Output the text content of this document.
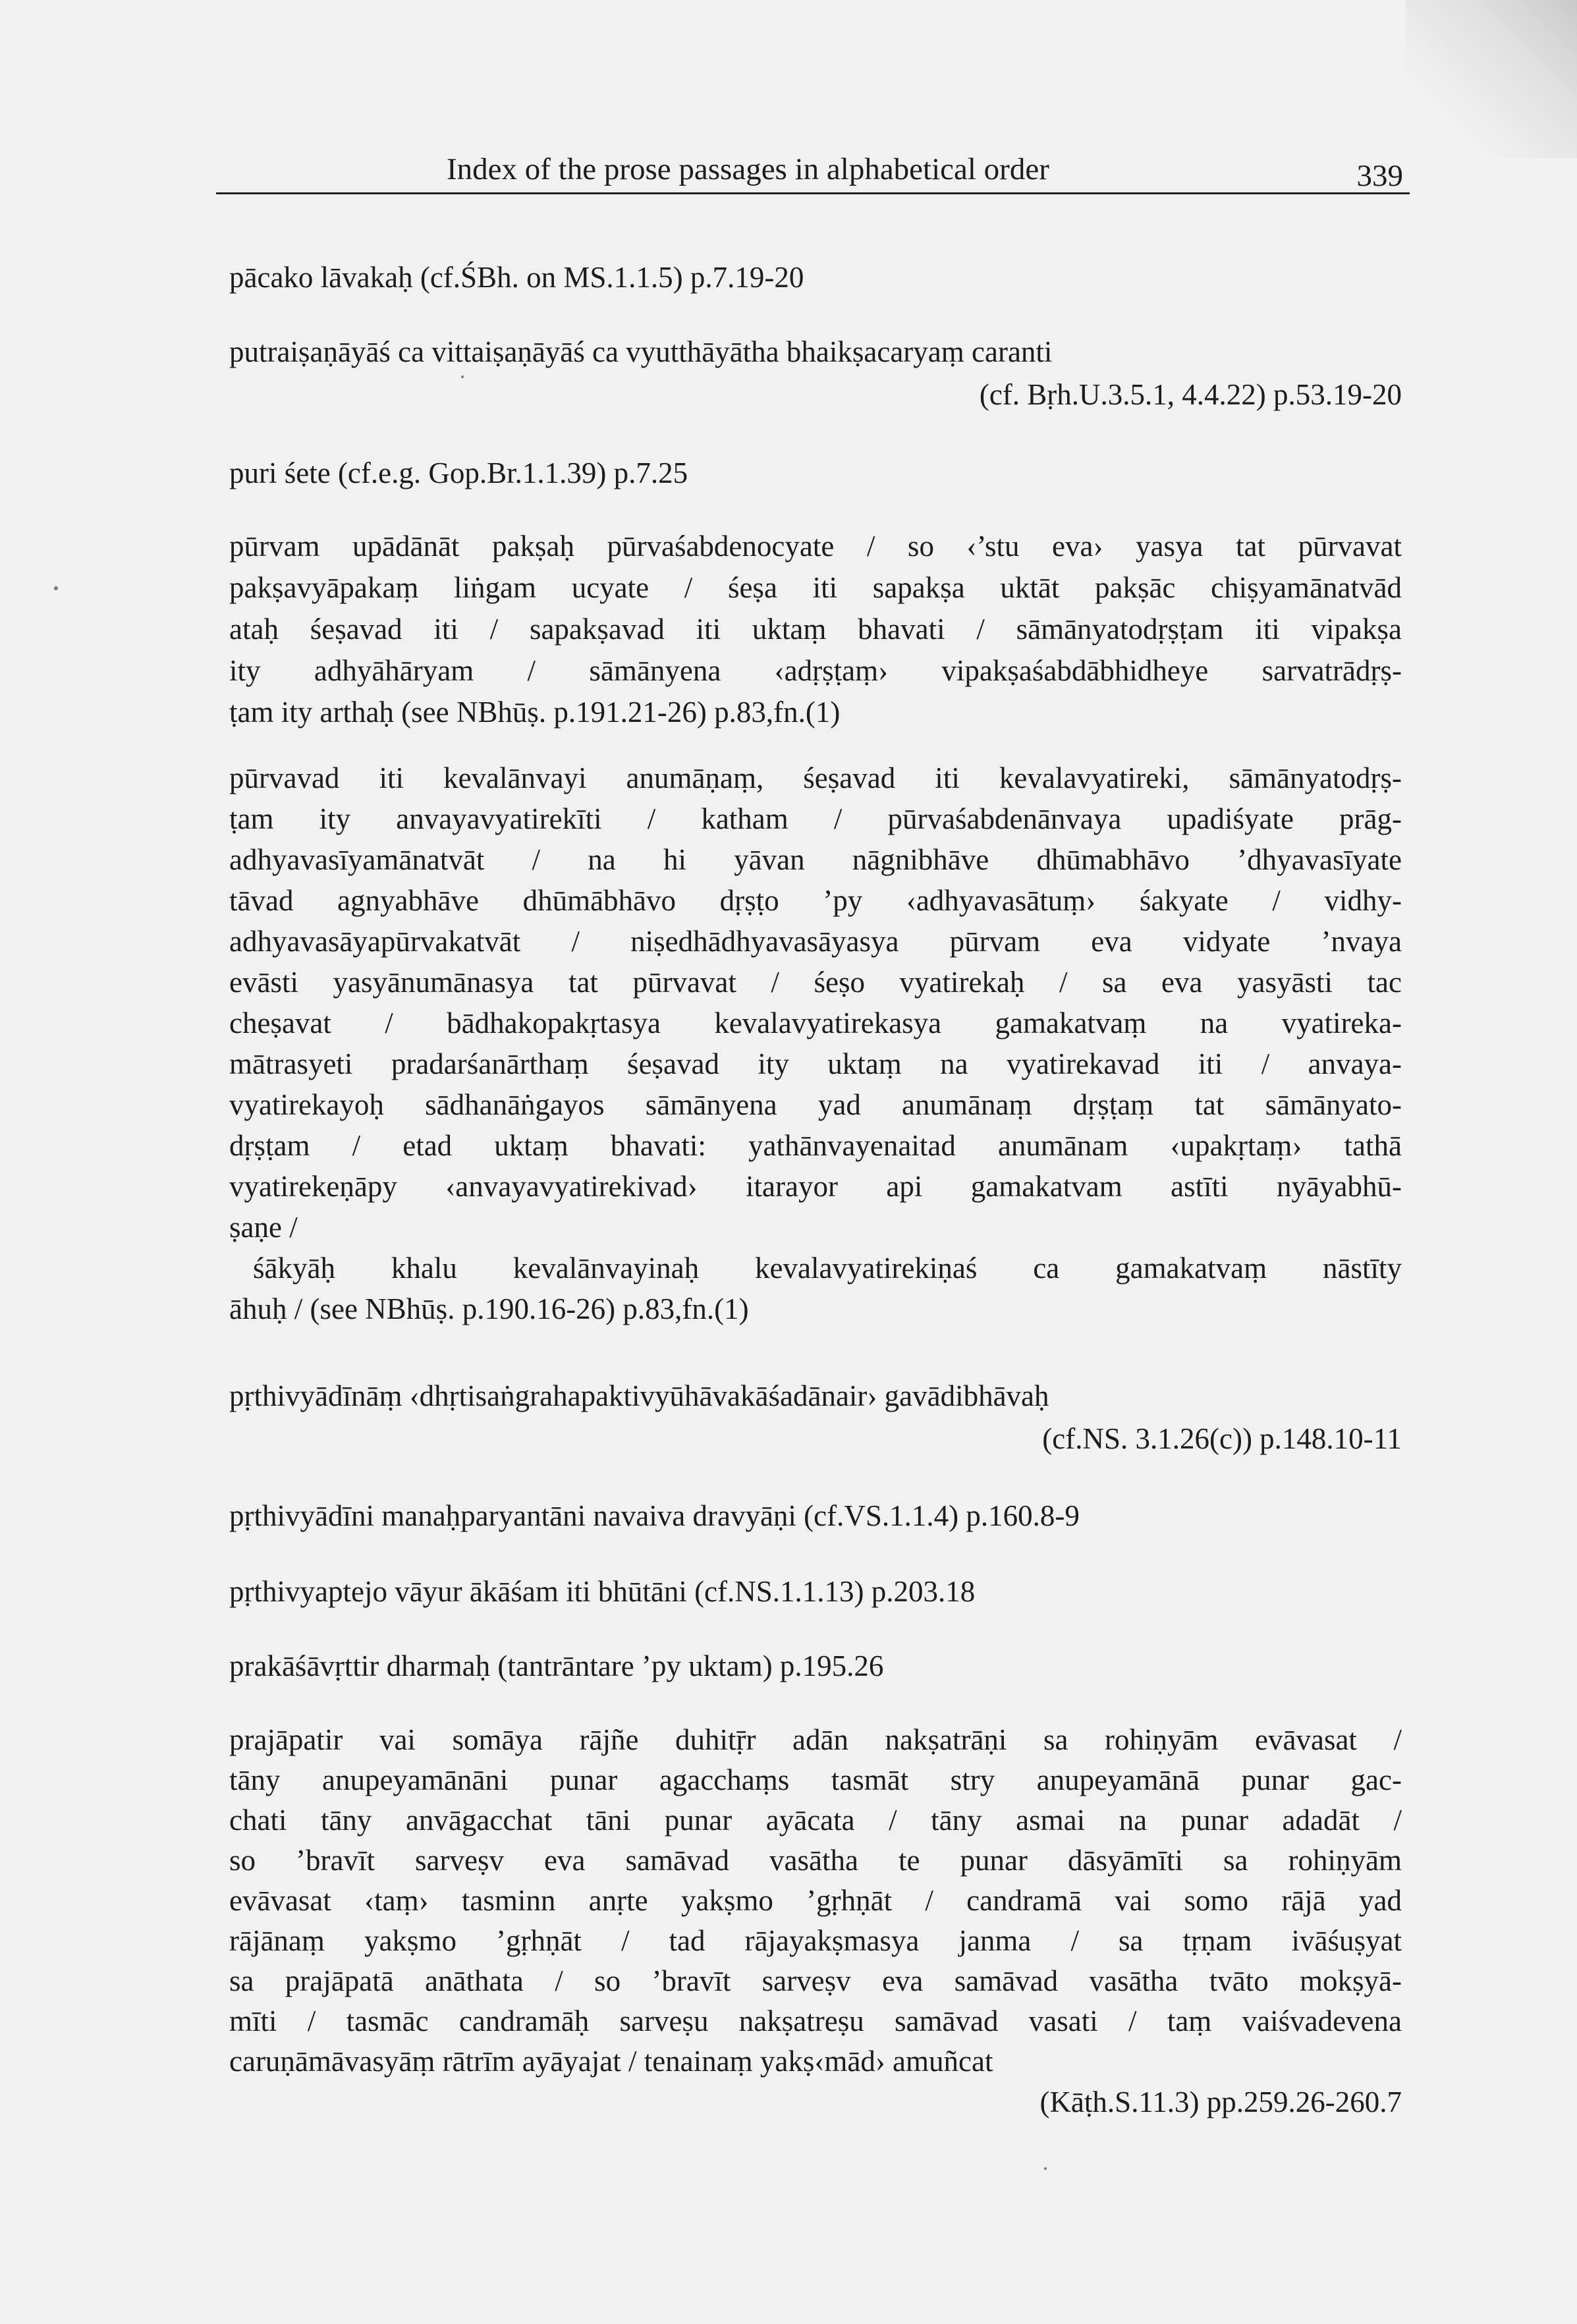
Index of the prose passages in alphabetical order	339
pācako lāvakaḥ (cf.ŚBh. on MS.1.1.5) p.7.19-20
putraiṣaṇāyāś ca vittaiṣaṇāyāś ca vyutthāyātha bhaikṣacaryaṃ caranti
(cf. Bṛh.U.3.5.1, 4.4.22) p.53.19-20
puri śete (cf.e.g. Gop.Br.1.1.39) p.7.25
pūrvam upādānāt pakṣaḥ pūrvaśabdenocyate / so ‹’stu eva› yasya tat pūrvavat
pakṣavyāpakaṃ liṅgam ucyate / śeṣa iti sapakṣa uktāt pakṣāc chiṣyamānatvād
ataḥ śeṣavad iti / sapakṣavad iti uktaṃ bhavati / sāmānyatodṛṣṭam iti vipakṣa
ity adhyāhāryam / sāmānyena ‹adṛṣṭaṃ› vipakṣaśabdābhidheye sarvatrādṛṣ-
ṭam ity arthaḥ (see NBhūṣ. p.191.21-26) p.83,fn.(1)
pūrvavad iti kevalānvayi anumāṇaṃ, śeṣavad iti kevalavyatireki, sāmānyatodṛṣ-
ṭam ity anvayavyatirekīti / katham / pūrvaśabdenānvaya upadiśyate prāg-
adhyavasīyamānatvāt / na hi yāvan nāgnibhāve dhūmabhāvo ’dhyavasīyate
tāvad agnyabhāve dhūmābhāvo dṛṣṭo ’py ‹adhyavasātuṃ› śakyate / vidhy-
adhyavasāyapūrvakatvāt / niṣedhādhyavasāyasya pūrvam eva vidyate ’nvaya
evāsti yasyānumānasya tat pūrvavat / śeṣo vyatirekaḥ / sa eva yasyāsti tac
cheṣavat / bādhakopakṛtasya kevalavyatirekasya gamakatvaṃ na vyatireka-
mātrasyeti pradarśanārthaṃ śeṣavad ity uktaṃ na vyatirekavad iti / anvaya-
vyatirekayoḥ sādhanāṅgayos sāmānyena yad anumānaṃ dṛṣṭaṃ tat sāmānyato-
dṛṣṭam / etad uktaṃ bhavati: yathānvayenaitad anumānam ‹upakṛtaṃ› tathā
vyatirekeṇāpy ‹anvayavyatirekivad› itarayor api gamakatvam astīti nyāyabhū-
ṣaṇe /
śākyāḥ khalu kevalānvayinaḥ kevalavyatirekiṇaś ca gamakatvaṃ nāstīty
āhuḥ / (see NBhūṣ. p.190.16-26) p.83,fn.(1)
pṛthivyādīnāṃ ‹dhṛtisaṅgrahapaktivyūhāvakāśadānair› gavādibhāvaḥ
(cf.NS. 3.1.26(c)) p.148.10-11
pṛthivyādīni manaḥparyantāni navaiva dravyāṇi (cf.VS.1.1.4) p.160.8-9
pṛthivyaptejo vāyur ākāśam iti bhūtāni (cf.NS.1.1.13) p.203.18
prakāśāvṛttir dharmaḥ (tantrāntare ’py uktam) p.195.26
prajāpatir vai somāya rājñe duhitṝr adān nakṣatrāṇi sa rohiṇyām evāvasat /
tāny anupeyamānāni punar agacchaṃs tasmāt stry anupeyamānā punar gac-
chati tāny anvāgacchat tāni punar ayācata / tāny asmai na punar adadāt /
so ’bravīt sarveṣv eva samāvad vasātha te punar dāsyāmīti sa rohiṇyām
evāvasat ‹taṃ› tasminn anṛte yakṣmo ’gṛhṇāt / candramā vai somo rājā yad
rājānaṃ yakṣmo ’gṛhṇāt / tad rājayakṣmasya janma / sa tṛṇam ivāśuṣyat
sa prajāpatā anāthata / so ’bravīt sarveṣv eva samāvad vasātha tvāto mokṣyā-
mīti / tasmāc candramāḥ sarveṣu nakṣatreṣu samāvad vasati / taṃ vaiśvadevena
caruṇāmāvasyāṃ rātrīm ayāyajat / tenainaṃ yakṣ‹mād› amuñcat
(Kāṭh.S.11.3) pp.259.26-260.7
